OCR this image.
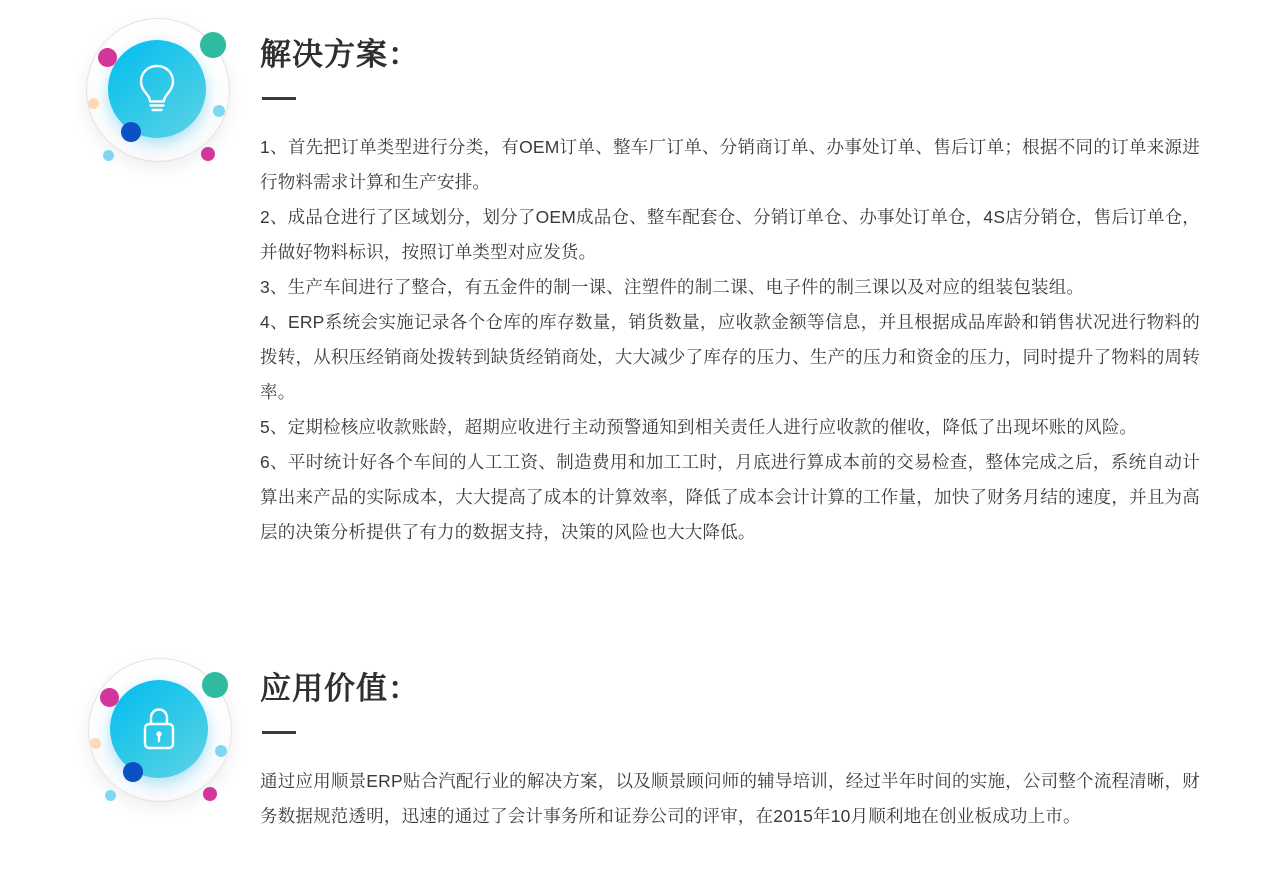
解决方案：

1、首先把订单类型进行分类，有OEM订单、整车厂订单、分销商订单、办事处订单、售后订单；根据不同的订单来源进行物料需求计算和生产安排。

2、成品仓进行了区域划分，划分了OEM成品仓、整车配套仓、分销订单仓、办事处订单仓，4S店分销仓，售后订单仓，并做好物料标识，按照订单类型对应发货。

3、生产车间进行了整合，有五金件的制一课、注塑件的制二课、电子件的制三课以及对应的组装包装组。

4、ERP系统会实施记录各个仓库的库存数量，销货数量，应收款金额等信息，并且根据成品库龄和销售状况进行物料的拨转，从积压经销商处拨转到缺货经销商处，大大减少了库存的压力、生产的压力和资金的压力，同时提升了物料的周转率。

5、定期检核应收款账龄，超期应收进行主动预警通知到相关责任人进行应收款的催收，降低了出现坏账的风险。

6、平时统计好各个车间的人工工资、制造费用和加工工时，月底进行算成本前的交易检查，整体完成之后，系统自动计算出来产品的实际成本，大大提高了成本的计算效率，降低了成本会计计算的工作量，加快了财务月结的速度，并且为高层的决策分析提供了有力的数据支持，决策的风险也大大降低。

应用价值：

通过应用顺景ERP贴合汽配行业的解决方案，以及顺景顾问师的辅导培训，经过半年时间的实施，公司整个流程清晰，财务数据规范透明，迅速的通过了会计事务所和证券公司的评审，在2015年10月顺利地在创业板成功上市。
